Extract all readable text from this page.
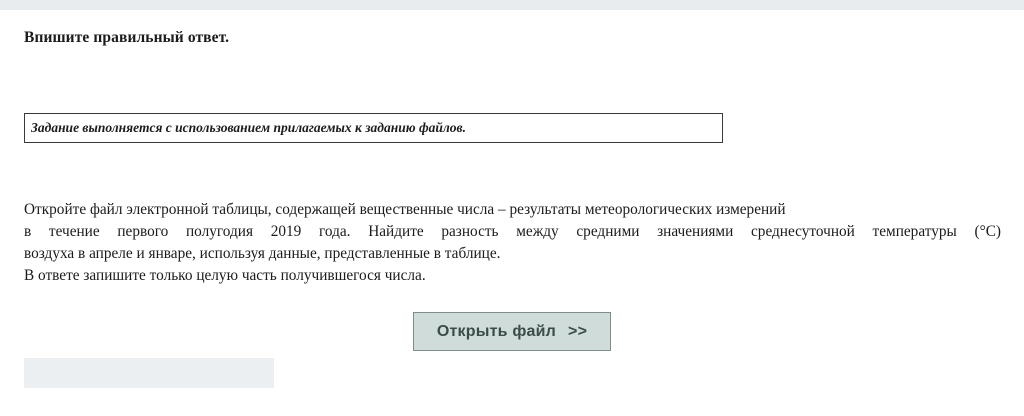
Впишите правильный ответ.
Задание выполняется с использованием прилагаемых к заданию файлов.
Откройте файл электронной таблицы, содержащей вещественные числа – результаты метеорологических измерений
в течение первого полугодия 2019 года. Найдите разность между средними значениями среднесуточной температуры (°С)
воздуха в апреле и январе, используя данные, представленные в таблице.
В ответе запишите только целую часть получившегося числа.
Открыть файл >>
